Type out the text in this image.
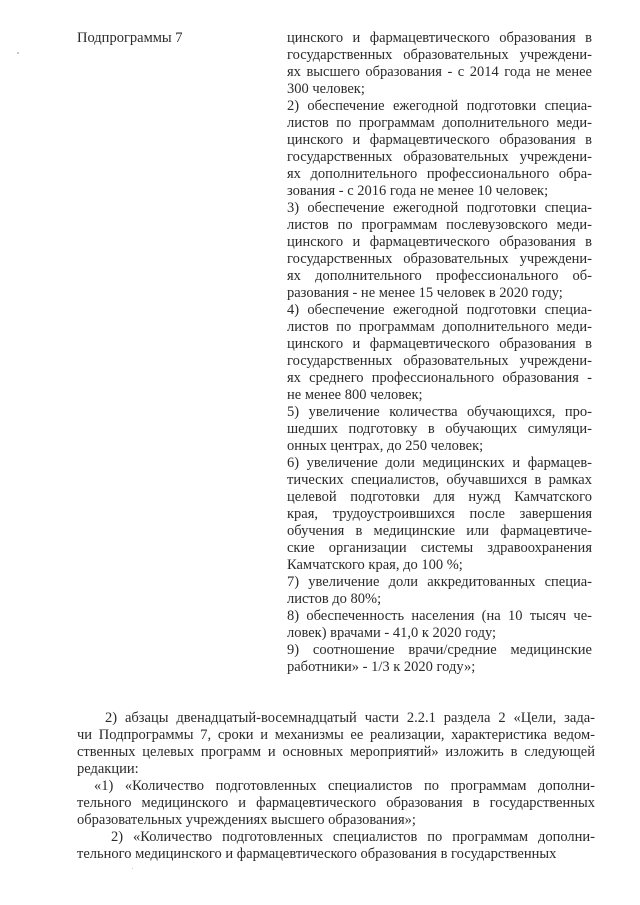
Подпрограммы 7	цинского и фармацевтического образования в
государственных образовательных учреждени-
ях высшего образования - с 2014 года не менее
300 человек;
2) обеспечение ежегодной подготовки специа-
листов по программам дополнительного меди-
цинского и фармацевтического образования в
государственных образовательных учреждени-
ях дополнительного профессионального обра-
зования - с 2016 года не менее 10 человек;
3) обеспечение ежегодной подготовки специа-
листов по программам послевузовского меди-
цинского и фармацевтического образования в
государственных образовательных учреждени-
ях дополнительного профессионального об-
разования - не менее 15 человек в 2020 году;
4) обеспечение ежегодной подготовки специа-
листов по программам дополнительного меди-
цинского и фармацевтического образования в
государственных образовательных учреждени-
ях среднего профессионального образования -
не менее 800 человек;
5) увеличение количества обучающихся, про-
шедших подготовку в обучающих симуляци-
онных центрах, до 250 человек;
6) увеличение доли медицинских и фармацев-
тических специалистов, обучавшихся в рамках
целевой подготовки для нужд Камчатского
края, трудоустроившихся после завершения
обучения в медицинские или фармацевтиче-
ские организации системы здравоохранения
Камчатского края, до 100 %;
7) увеличение доли аккредитованных специа-
листов до 80%;
8) обеспеченность населения (на 10 тысяч че-
ловек) врачами - 41,0 к 2020 году;
9) соотношение врачи/средние медицинские
работники» - 1/3 к 2020 году»;
2) абзацы двенадцатый-восемнадцатый части 2.2.1 раздела 2 «Цели, зада-
чи Подпрограммы 7, сроки и механизмы ее реализации, характеристика ведом-
ственных целевых программ и основных мероприятий» изложить в следующей
редакции:
«1) «Количество подготовленных специалистов по программам дополни-
тельного медицинского и фармацевтического образования в государственных
образовательных учреждениях высшего образования»;
2) «Количество подготовленных специалистов по программам дополни-
тельного медицинского и фармацевтического образования в государственных
